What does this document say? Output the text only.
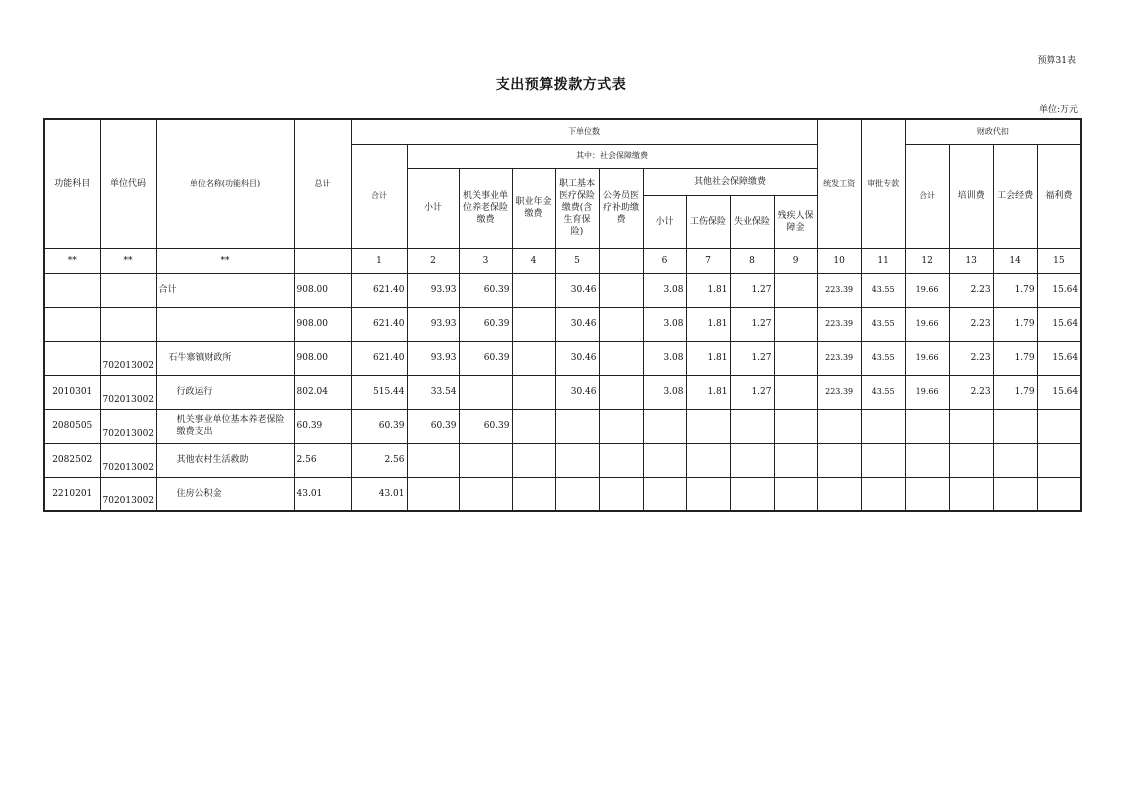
预算31表
支出预算拨款方式表
单位:万元
功能科目	单位代码	单位名称(功能科目)	总计	下单位数										统发工资	审批专款	财政代扣			
				合计	其中：社会保障缴费											合计	培训费	工会经费	福利费
					小计	机关事业单位养老保险缴费	职业年金缴费	职工基本医疗保险缴费(含生育保险)	公务员医疗补助缴费	其他社会保障缴费									
										小计	工伤保险	失业保险	残疾人保障金						
**	**	**		1	2	3	4	5		6	7	8	9	10	11	12	13	14	15
		合计	908.00	621.40	93.93	60.39		30.46		3.08	1.81	1.27		223.39	43.55	19.66	2.23	1.79	15.64
			908.00	621.40	93.93	60.39		30.46		3.08	1.81	1.27		223.39	43.55	19.66	2.23	1.79	15.64
	702013002	石牛寨镇财政所	908.00	621.40	93.93	60.39		30.46		3.08	1.81	1.27		223.39	43.55	19.66	2.23	1.79	15.64
2010301	702013002	行政运行	802.04	515.44	33.54			30.46		3.08	1.81	1.27		223.39	43.55	19.66	2.23	1.79	15.64
2080505	702013002	机关事业单位基本养老保险缴费支出	60.39	60.39	60.39	60.39													
2082502	702013002	其他农村生活救助	2.56	2.56															
2210201	702013002	住房公积金	43.01	43.01															
